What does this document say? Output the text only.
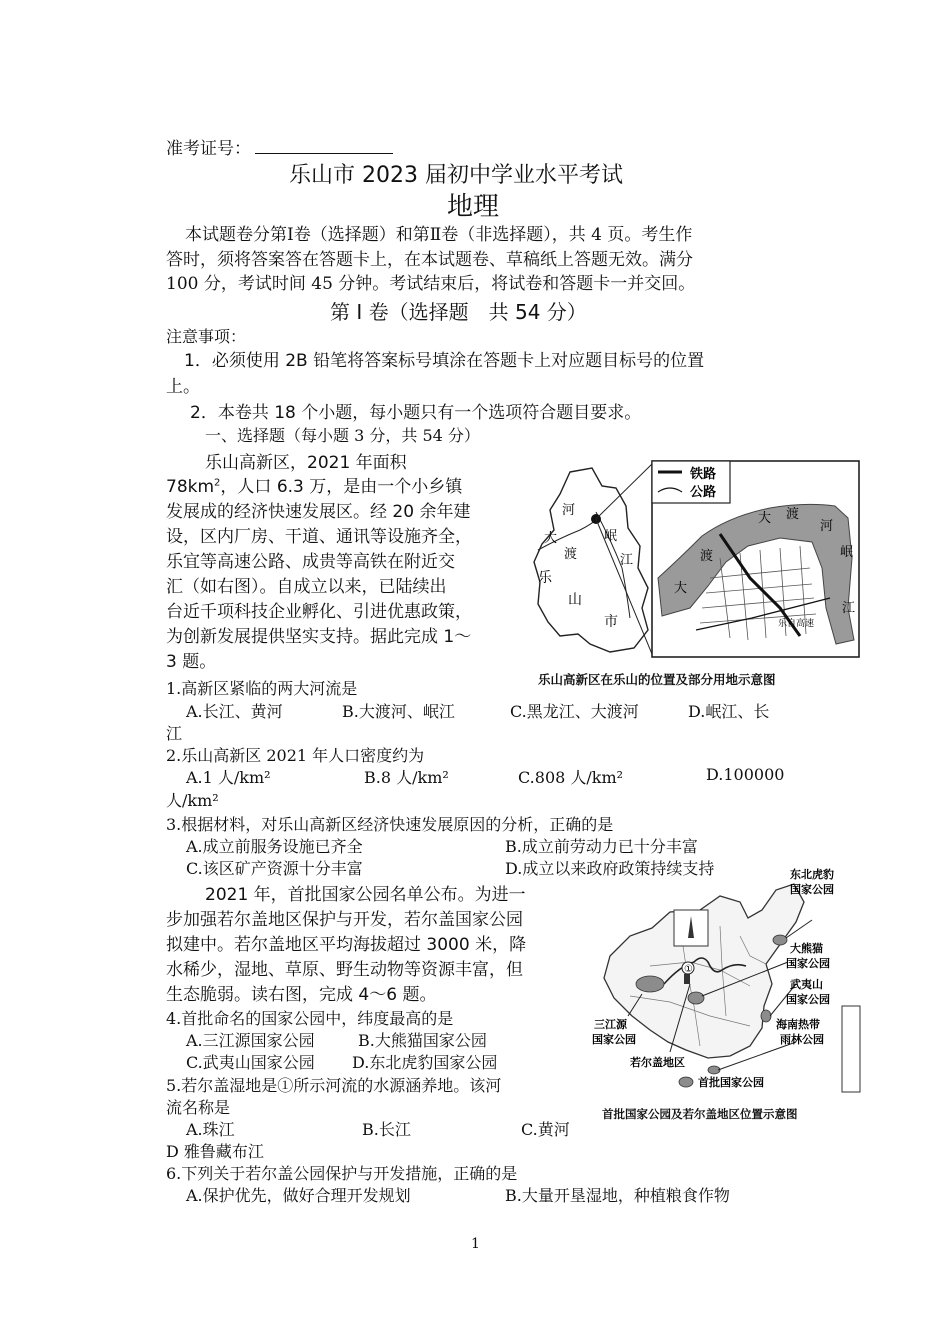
准考证号：
乐山市 2023 届初中学业水平考试
地理
本试题卷分第Ⅰ卷（选择题）和第Ⅱ卷（非选择题），共 4 页。考生作
答时，须将答案答在答题卡上，在本试题卷、草稿纸上答题无效。满分
100 分，考试时间 45 分钟。考试结束后，将试卷和答题卡一并交回。
第 Ⅰ 卷（选择题　共 54 分）
注意事项：
1．必须使用 2B 铅笔将答案标号填涂在答题卡上对应题目标号的位置
上。
2．本卷共 18 个小题，每小题只有一个选项符合题目要求。
一、选择题（每小题 3 分，共 54 分）
乐山高新区，2021 年面积
$78km^2$，人口 6.3 万，是由一个小乡镇
发展成的经济快速发展区。经 20 余年建
设，区内厂房、干道、通讯等设施齐全，
乐宜等高速公路、成贵等高铁在附近交
汇（如右图）。自成立以来，已陆续出
台近千项科技企业孵化、引进优惠政策，
为创新发展提供坚实支持。据此完成 1～
3 题。
河
大
渡
乐
山
市
岷
江
铁路
公路
大 渡
河
岷
江
渡
大
乐自高速
乐山高新区在乐山的位置及部分用地示意图
1.高新区紧临的两大河流是
A.长江、黄河	B.大渡河、岷江	C.黑龙江、大渡河	D.岷江、长
江
2.乐山高新区 2021 年人口密度约为
A.1 人/km²	B.8 人/km²	C.808 人/km²	D.100000
人/km²
3.根据材料，对乐山高新区经济快速发展原因的分析，正确的是
A.成立前服务设施已齐全	B.成立前劳动力已十分丰富
C.该区矿产资源十分丰富	D.成立以来政府政策持续支持
2021 年，首批国家公园名单公布。为进一
步加强若尔盖地区保护与开发，若尔盖国家公园
拟建中。若尔盖地区平均海拔超过 3000 米，降
水稀少，湿地、草原、野生动物等资源丰富，但
生态脆弱。读右图，完成 4～6 题。
4.首批命名的国家公园中，纬度最高的是
A.三江源国家公园	B.大熊猫国家公园
C.武夷山国家公园 D.东北虎豹国家公园
5.若尔盖湿地是①所示河流的水源涵养地。该河
流名称是
A.珠江	B.长江	C.黄河
D 雅鲁藏布江
6.下列关于若尔盖公园保护与开发措施，正确的是
A.保护优先，做好合理开发规划	B.大量开垦湿地，种植粮食作物
①
东北虎豹
国家公园
大熊猫
国家公园
武夷山
国家公园
三江源
国家公园
海南热带
雨林公园
若尔盖地区
首批国家公园
首批国家公园及若尔盖地区位置示意图
1
